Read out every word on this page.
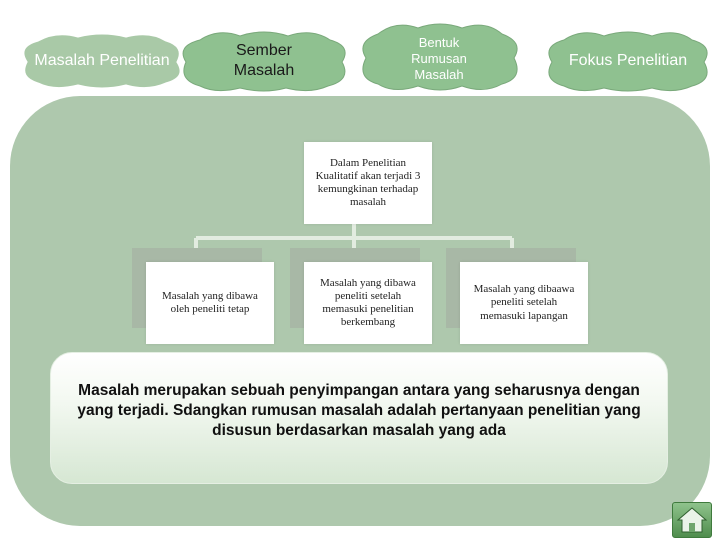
Masalah Penelitian
Sember Masalah
Bentuk Rumusan Masalah
Fokus Penelitian
Dalam Penelitian Kualitatif akan terjadi 3 kemungkinan terhadap masalah
Masalah yang dibawa oleh peneliti tetap
Masalah yang dibawa peneliti setelah memasuki penelitian berkembang
Masalah yang dibaawa peneliti setelah memasuki lapangan
Masalah merupakan sebuah penyimpangan antara yang seharusnya dengan yang terjadi. Sdangkan rumusan masalah adalah pertanyaan penelitian yang disusun berdasarkan masalah yang ada
